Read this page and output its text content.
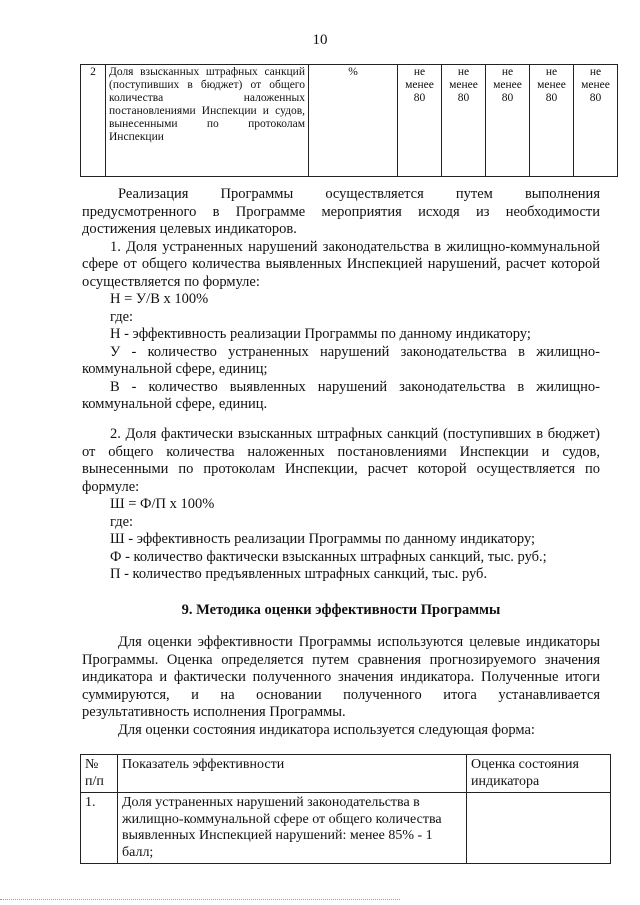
10
2	Доля взысканных штрафных санкций (поступивших в бюджет) от общего количества наложенных постановлениями Инспекции и судов, вынесенными по протоколам Инспекции	%	не менее 80	не менее 80	не менее 80	не менее 80	не менее 80

Реализация Программы осуществляется путем выполнения предусмотренного в Программе мероприятия исходя из необходимости достижения целевых индикаторов.

1. Доля устраненных нарушений законодательства в жилищно-коммунальной сфере от общего количества выявленных Инспекцией нарушений, расчет которой осуществляется по формуле:

Н = У/В х 100%

где:

Н - эффективность реализации Программы по данному индикатору;

У - количество устраненных нарушений законодательства в жилищно-коммунальной сфере, единиц;

В - количество выявленных нарушений законодательства в жилищно-коммунальной сфере, единиц.

2. Доля фактически взысканных штрафных санкций (поступивших в бюджет) от общего количества наложенных постановлениями Инспекции и судов, вынесенными по протоколам Инспекции, расчет которой осуществляется по формуле:

Ш = Ф/П х 100%

где:

Ш - эффективность реализации Программы по данному индикатору;

Ф - количество фактически взысканных штрафных санкций, тыс. руб.;

П - количество предъявленных штрафных санкций, тыс. руб.

9. Методика оценки эффективности Программы

Для оценки эффективности Программы используются целевые индикаторы Программы. Оценка определяется путем сравнения прогнозируемого значения индикатора и фактически полученного значения индикатора. Полученные итоги суммируются, и на основании полученного итога устанавливается результативность исполнения Программы.

Для оценки состояния индикатора используется следующая форма:

№ п/п	Показатель эффективности	Оценка состояния индикатора
1.	Доля устраненных нарушений законодательства в жилищно-коммунальной сфере от общего количества выявленных Инспекцией нарушений: менее 85% - 1 балл;	
